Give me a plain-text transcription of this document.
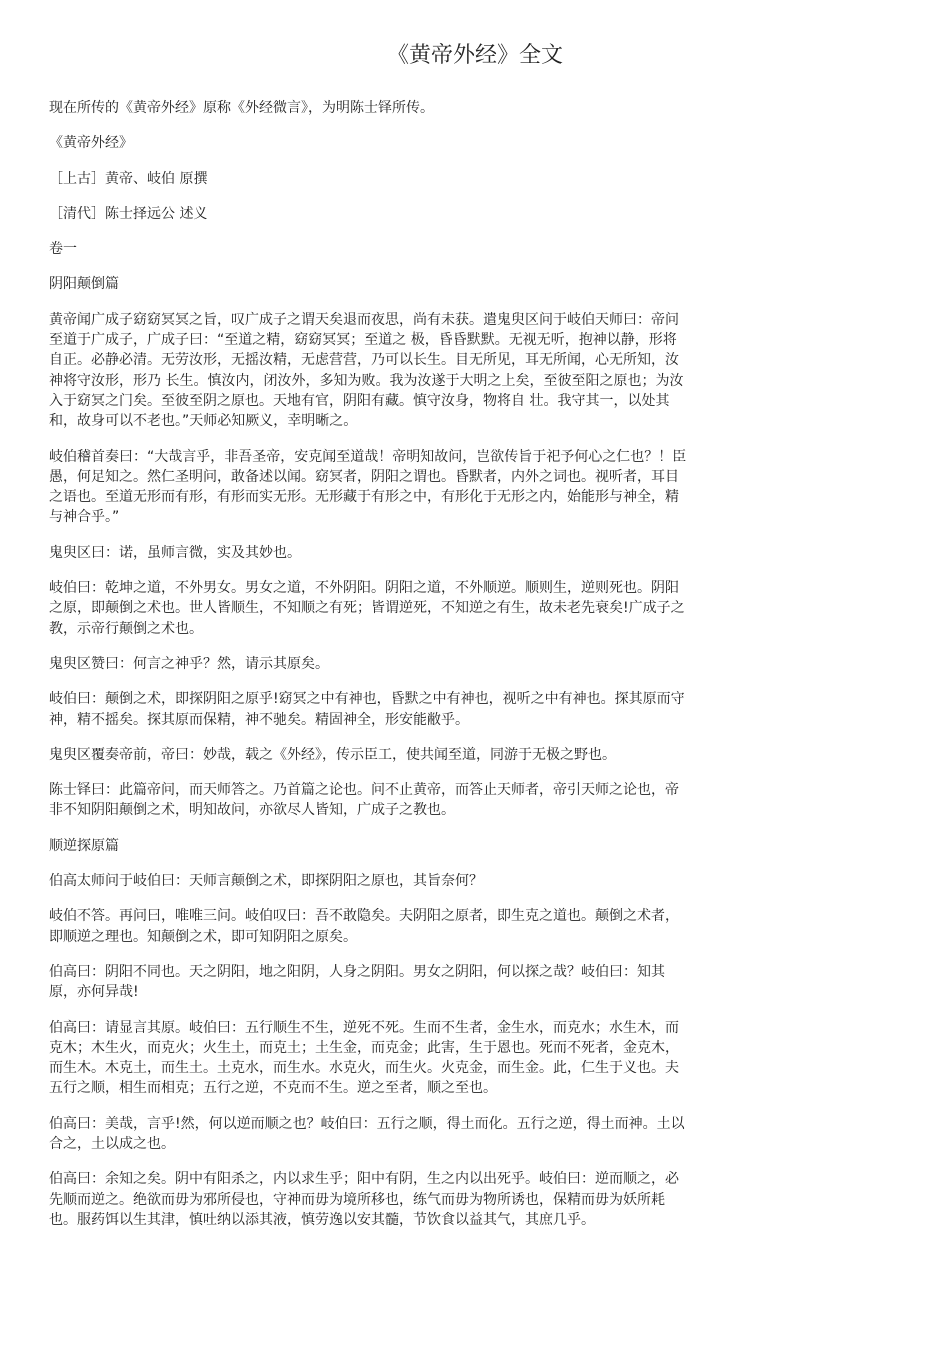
《黄帝外经》全文

现在所传的《黄帝外经》原称《外经微言》，为明陈士铎所传。

《黄帝外经》

［上古］黄帝、岐伯 原撰

［清代］陈士择远公 述义

卷一

阴阳颠倒篇

黄帝闻广成子窈窈冥冥之旨，叹广成子之谓天矣退而夜思，尚有未获。遣鬼臾区问于岐伯天师曰：帝问至道于广成子，广成子曰：“至道之精，窈窈冥冥；至道之 极，昏昏默默。无视无听，抱神以静，形将自正。必静必清。无劳汝形，无摇汝精，无虑营营，乃可以长生。目无所见，耳无所闻，心无所知，汝神将守汝形，形乃 长生。慎汝内，闭汝外，多知为败。我为汝遂于大明之上矣，至彼至阳之原也；为汝入于窈冥之门矣。至彼至阴之原也。天地有官，阴阳有藏。慎守汝身，物将自 壮。我守其一，以处其和，故身可以不老也。”天师必知厥义，幸明晰之。

岐伯稽首奏曰：“大哉言乎，非吾圣帝，安克闻至道哉！帝明知故问，岂欲传旨于祀予何心之仁也？！臣愚，何足知之。然仁圣明问，敢备述以闻。窈冥者，阴阳之谓也。昏默者，内外之词也。视听者，耳目之语也。至道无形而有形，有形而实无形。无形藏于有形之中，有形化于无形之内，始能形与神全，精与神合乎。”

鬼臾区曰：诺，虽师言微，实及其妙也。

岐伯曰：乾坤之道，不外男女。男女之道，不外阴阳。阴阳之道，不外顺逆。顺则生，逆则死也。阴阳之原，即颠倒之术也。世人皆顺生，不知顺之有死；皆谓逆死，不知逆之有生，故未老先衰矣!广成子之教，示帝行颠倒之术也。

鬼臾区赞曰：何言之神乎？然，请示其原矣。

岐伯曰：颠倒之术，即探阴阳之原乎!窈冥之中有神也，昏默之中有神也，视听之中有神也。探其原而守神，精不摇矣。探其原而保精，神不驰矣。精固神全，形安能敝乎。

鬼臾区覆奏帝前，帝曰：妙哉，载之《外经》，传示臣工，使共闻至道，同游于无极之野也。

陈士铎曰：此篇帝问，而天师答之。乃首篇之论也。问不止黄帝，而答止天师者，帝引天师之论也，帝非不知阴阳颠倒之术，明知故问，亦欲尽人皆知，广成子之教也。

顺逆探原篇

伯高太师问于岐伯曰：天师言颠倒之术，即探阴阳之原也，其旨奈何？

岐伯不答。再问曰，唯唯三问。岐伯叹曰：吾不敢隐矣。夫阴阳之原者，即生克之道也。颠倒之术者，即顺逆之理也。知颠倒之术，即可知阴阳之原矣。

伯高曰：阴阳不同也。天之阴阳，地之阳阴，人身之阴阳。男女之阴阳，何以探之哉？岐伯曰：知其原，亦何异哉!

伯高曰：请显言其原。岐伯曰：五行顺生不生，逆死不死。生而不生者，金生水，而克水；水生木，而克木；木生火，而克火；火生土，而克土；土生金，而克金；此害，生于恩也。死而不死者，金克木，而生木。木克土，而生土。土克水，而生水。水克火，而生火。火克金，而生金。此，仁生于义也。夫五行之顺，相生而相克；五行之逆，不克而不生。逆之至者，顺之至也。

伯高曰：美哉，言乎!然，何以逆而顺之也？岐伯曰：五行之顺，得土而化。五行之逆，得土而神。土以合之，土以成之也。

伯高曰：余知之矣。阴中有阳杀之，内以求生乎；阳中有阴，生之内以出死乎。岐伯曰：逆而顺之，必先顺而逆之。绝欲而毋为邪所侵也，守神而毋为境所移也，练气而毋为物所诱也，保精而毋为妖所耗也。服药饵以生其津，慎吐纳以添其液，慎劳逸以安其髓，节饮食以益其气，其庶几乎。
